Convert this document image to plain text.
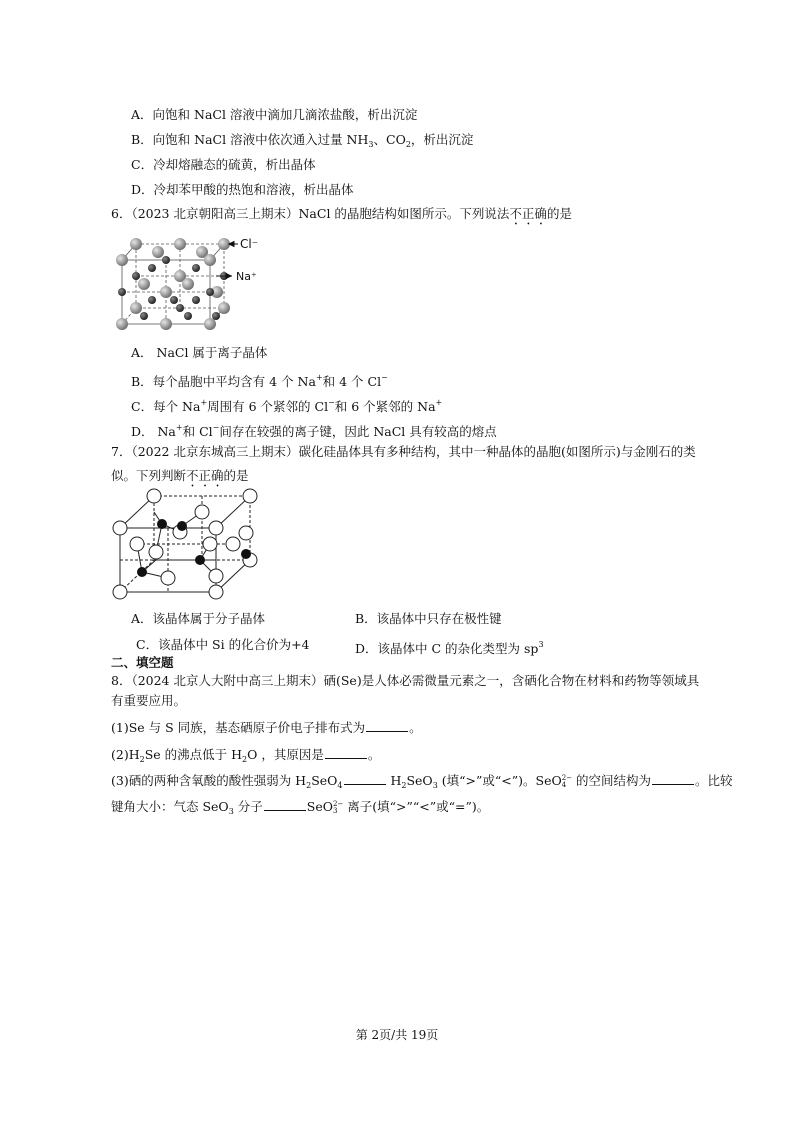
A．向饱和 NaCl 溶液中滴加几滴浓盐酸，析出沉淀
B．向饱和 NaCl 溶液中依次通入过量 $NH_3$、$CO_2$，析出沉淀
C．冷却熔融态的硫黄，析出晶体
D．冷却苯甲酸的热饱和溶液，析出晶体
6．（2023 北京朝阳高三上期末）NaCl 的晶胞结构如图所示。下列说法不正确的是
Cl⁻
Na⁺
A． NaCl 属于离子晶体
B．每个晶胞中平均含有 4 个 Na+和 4 个 Cl−
C．每个 Na+周围有 6 个紧邻的 Cl−和 6 个紧邻的 Na+
D． Na+和 Cl−间存在较强的离子键，因此 NaCl 具有较高的熔点
7．（2022 北京东城高三上期末）碳化硅晶体具有多种结构，其中一种晶体的晶胞(如图所示)与金刚石的类
似。下列判断不正确的是
A．该晶体属于分子晶体	B．该晶体中只存在极性键
C．该晶体中 Si 的化合价为+4	D．该晶体中 C 的杂化类型为 $sp^3$
二、填空题
8．（2024 北京人大附中高三上期末）硒(Se)是人体必需微量元素之一，含硒化合物在材料和药物等领域具
有重要应用。
(1)Se 与 S 同族，基态硒原子价电子排布式为	。
$(2)H_2Se$ 的沸点低于 $H_2O$ ，其原因是	。
(3)硒的两种含氧酸的酸性强弱为 $H_2SeO_4$	$H_2SeO_3$ (填“>”或“<”)。SeO2−
4 的空间结构为	。比较
键角大小：气态 SeO$_3$ 分子	SeO2−
3 离子(填“>”“<”或“=”)。
第 2页/共 19页
